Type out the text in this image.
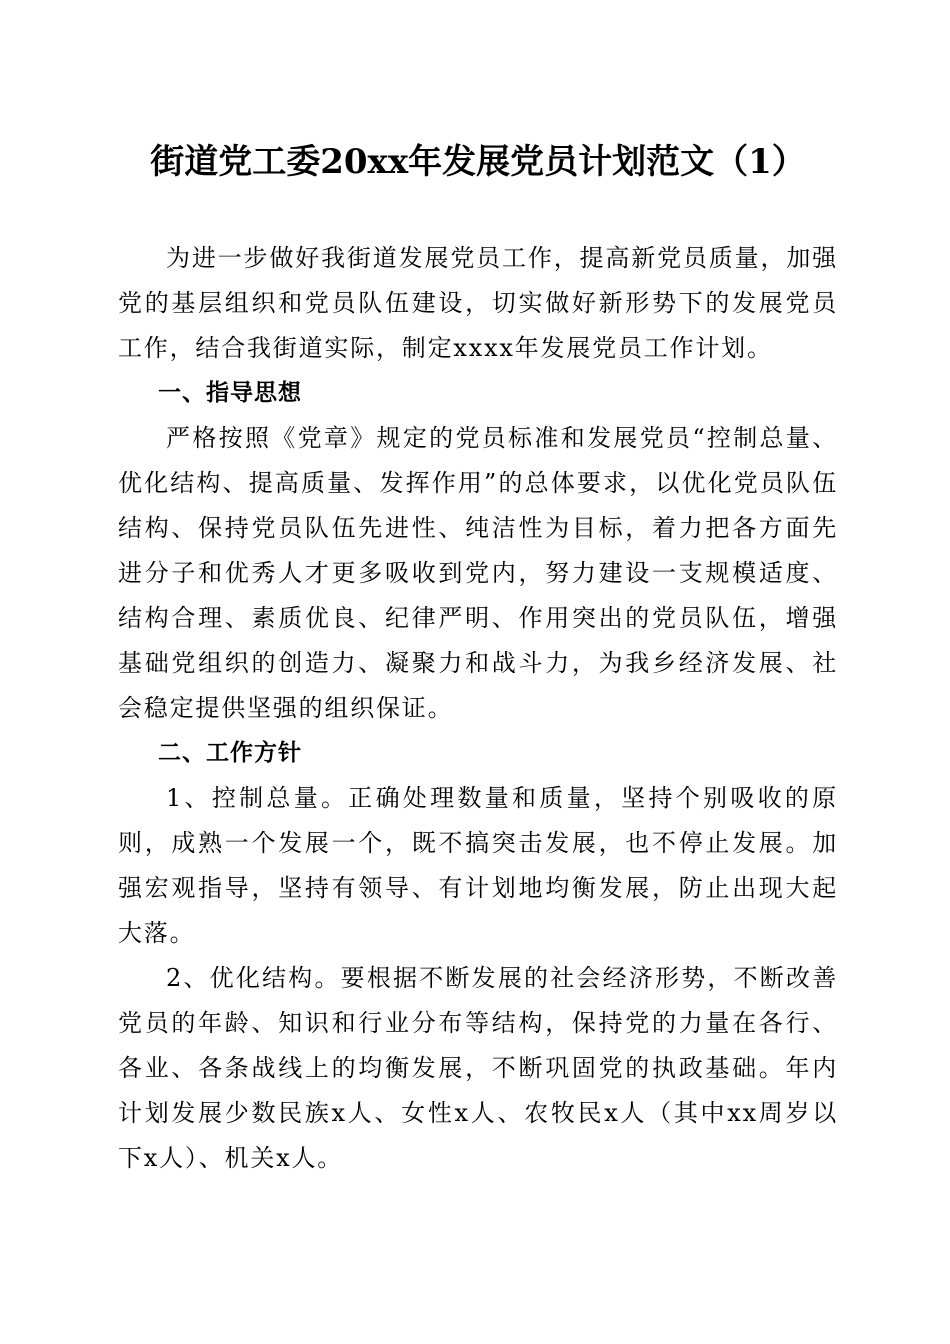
街道党工委20xx年发展党员计划范文（1）

为进一步做好我街道发展党员工作，提高新党员质量，加强党的基层组织和党员队伍建设，切实做好新形势下的发展党员工作，结合我街道实际，制定xxxx年发展党员工作计划。

一、指导思想

严格按照《党章》规定的党员标准和发展党员“控制总量、优化结构、提高质量、发挥作用”的总体要求，以优化党员队伍结构、保持党员队伍先进性、纯洁性为目标，着力把各方面先进分子和优秀人才更多吸收到党内，努力建设一支规模适度、结构合理、素质优良、纪律严明、作用突出的党员队伍，增强基础党组织的创造力、凝聚力和战斗力，为我乡经济发展、社会稳定提供坚强的组织保证。

二、工作方针

1、控制总量。正确处理数量和质量，坚持个别吸收的原则，成熟一个发展一个，既不搞突击发展，也不停止发展。加强宏观指导，坚持有领导、有计划地均衡发展，防止出现大起大落。

2、优化结构。要根据不断发展的社会经济形势，不断改善党员的年龄、知识和行业分布等结构，保持党的力量在各行、各业、各条战线上的均衡发展，不断巩固党的执政基础。年内计划发展少数民族x人、女性x人、农牧民x人（其中xx周岁以下x人）、机关x人。
